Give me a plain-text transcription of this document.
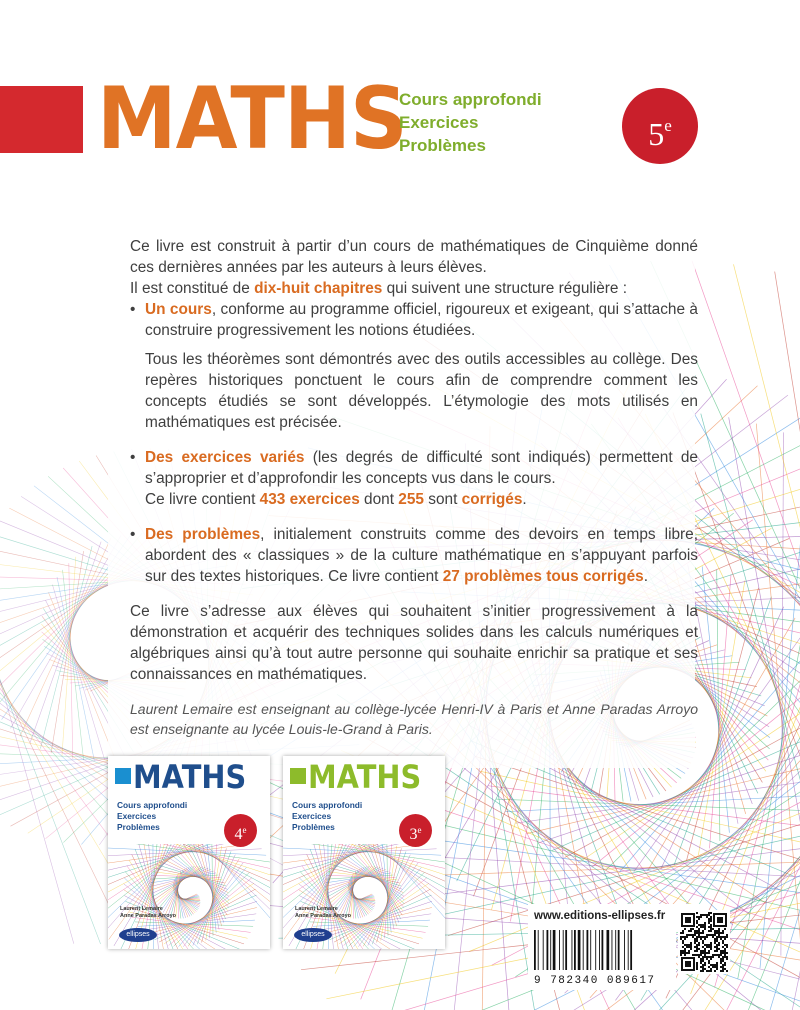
MATHS
Cours approfondi
Exercices
Problèmes	5e

Ce livre est construit à partir d’un cours de mathématiques de Cinquième donné ces dernières années par les auteurs à leurs élèves.

Il est constitué de dix-huit chapitres qui suivent une structure régulière :

• Un cours, conforme au programme officiel, rigoureux et exigeant, qui s’attache à construire progressivement les notions étudiées.

Tous les théorèmes sont démontrés avec des outils accessibles au collège. Des repères historiques ponctuent le cours afin de comprendre comment les concepts étudiés se sont développés. L’étymologie des mots utilisés en mathématiques est précisée.

• Des exercices variés (les degrés de difficulté sont indiqués) permettent de s’approprier et d’approfondir les concepts vus dans le cours.

Ce livre contient 433 exercices dont 255 sont corrigés.

• Des problèmes, initialement construits comme des devoirs en temps libre, abordent des « classiques » de la culture mathématique en s’appuyant parfois sur des textes historiques. Ce livre contient 27 problèmes tous corrigés.

Ce livre s’adresse aux élèves qui souhaitent s’initier progressivement à la démonstration et acquérir des techniques solides dans les calculs numériques et algébriques ainsi qu’à tout autre personne qui souhaite enrichir sa pratique et ses connaissances en mathématiques.

Laurent Lemaire est enseignant au collège-lycée Henri-IV à Paris et Anne Paradas Arroyo est enseignante au lycée Louis-le-Grand à Paris.

MATHS
Cours approfondi
Exercices
Problèmes	4e
Laurent Lemaire
Anne Paradas Arroyo
ellipses
MATHS
Cours approfondi
Exercices
Problèmes	3e
Laurent Lemaire
Anne Paradas Arroyo
ellipses
www.editions-ellipses.fr
9 782340 089617
